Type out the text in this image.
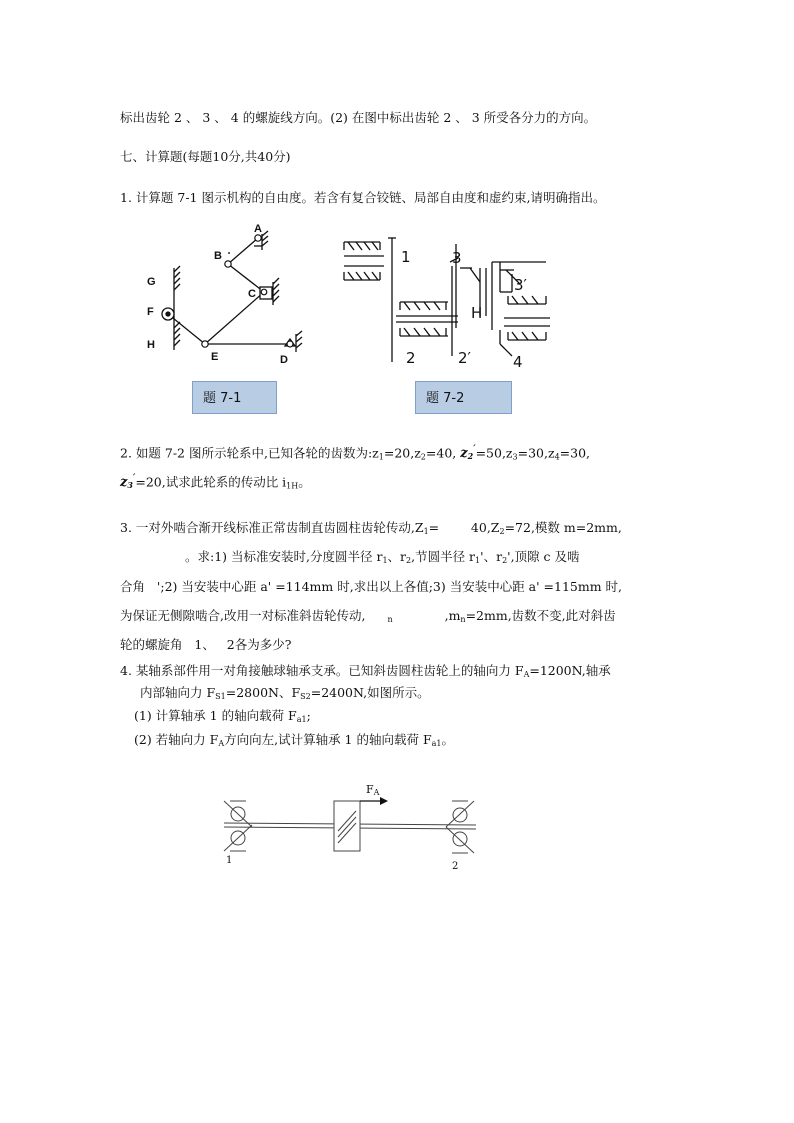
标出齿轮 2 、 3 、 4 的螺旋线方向。(2) 在图中标出齿轮 2 、 3 所受各分力的方向。
七、计算题(每题10分,共40分)
1. 计算题 7-1 图示机构的自由度。若含有复合铰链、局部自由度和虚约束,请明确指出。
A
B
C
G
F
H
E	D
题 7-1
1	3
3′
H
2	2′	4
题 7-2
2. 如题 7-2 图所示轮系中,已知各轮的齿数为$:z_1=20,z_2=40$, $z_2'=50,z_3=30,z_4=30$,
$z_3'=20$,试求此轮系的传动比 $i_{1H}$。
3. 一对外啮合渐开线标准正常齿制直齿圆柱齿轮传动$,Z_1=$        $40,Z_2=72$,模数 m=2mm,
。求:1) 当标准安装时,分度圆半径 $r_1$、$r_2$,节圆半径 $r_1'$、$r_2'$,顶隙 c 及啮
合角   ';2) 当安装中心距 a' =114mm 时,求出以上各值;3) 当安装中心距 a' =115mm 时,
为保证无侧隙啮合,改用一对标准斜齿轮传动,	$_n$	$,m_n=2mm$,齿数不变,此对斜齿
轮的螺旋角   1、   2各为多少?
4. 某轴系部件用一对角接触球轴承支承。已知斜齿圆柱齿轮上的轴向力 $F_A=1200N$,轴承
内部轴向力 $F_{S1}=2800N$、$F_{S2}=2400N$,如图所示。
(1) 计算轴承 1 的轴向载荷 $F_{a1}$;
(2) 若轴向力 $F_A$方向向左,试计算轴承 1 的轴向载荷 $F_{a1}$。
$F_A$
1
2
